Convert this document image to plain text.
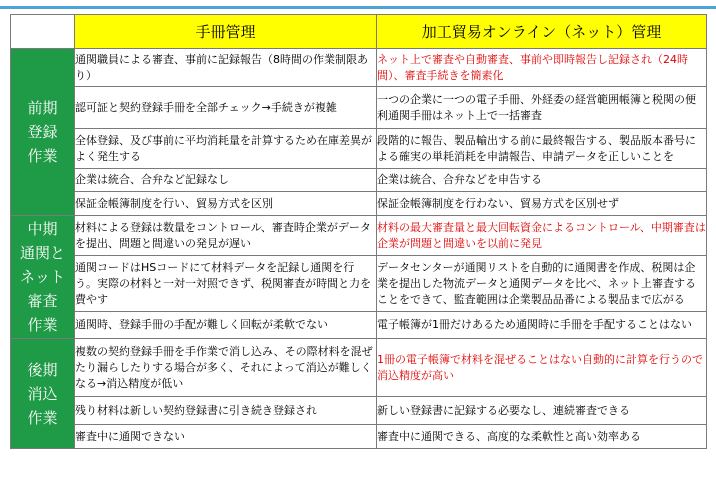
	手冊管理	加工貿易オンライン（ネット）管理
前期
登録
作業	通関職員による審査、事前に記録報告（8時間の作業制限あり）	ネット上で審査や自動審査、事前や即時報告し記録され（24時間）、審査手続きを簡素化
	認可証と契約登録手冊を全部チェック→手続きが複雑	一つの企業に一つの電子手冊、外経委の経営範囲帳簿と税関の便利通関手冊はネット上で一括審査
	全体登録、及び事前に平均消耗量を計算するため在庫差異がよく発生する	段階的に報告、製品輸出する前に最終報告する、製品版本番号による確実の単耗消耗を申請報告、申請データを正しいことを
	企業は統合、合弁など記録なし	企業は統合、合弁などを申告する
	保証金帳簿制度を行い、貿易方式を区別	保証金帳簿制度を行わない、貿易方式を区別せず
中期
通関と
ネット
審査
作業	材料による登録は数量をコントロール、審査時企業がデータを提出、問題と間違いの発見が遅い	材料の最大審査量と最大回転資金によるコントロール、中期審査は企業が問題と間違いを以前に発見
	通関コードはHSコードにて材料データを記録し通関を行う。実際の材料と一対一対照できず、税関審査が時間と力を費やす	データセンターが通関リストを自動的に通関書を作成、税関は企業を提出した物流データと通関データを比べ、ネット上審査することをできて、監査範囲は企業製品品番による製品まで広がる
	通関時、登録手冊の手配が難しく回転が柔軟でない	電子帳簿が1冊だけあるため通関時に手冊を手配することはない
後期
消込
作業	複数の契約登録手冊を手作業で消し込み、その際材料を混ぜたり漏らしたりする場合が多く、それによって消込が難しくなる→消込精度が低い	1冊の電子帳簿で材料を混ぜることはない自動的に計算を行うので消込精度が高い
	残り材料は新しい契約登録書に引き続き登録され	新しい登録書に記録する必要なし、連続審査できる
	審査中に通関できない	審査中に通関できる、高度的な柔軟性と高い効率ある
